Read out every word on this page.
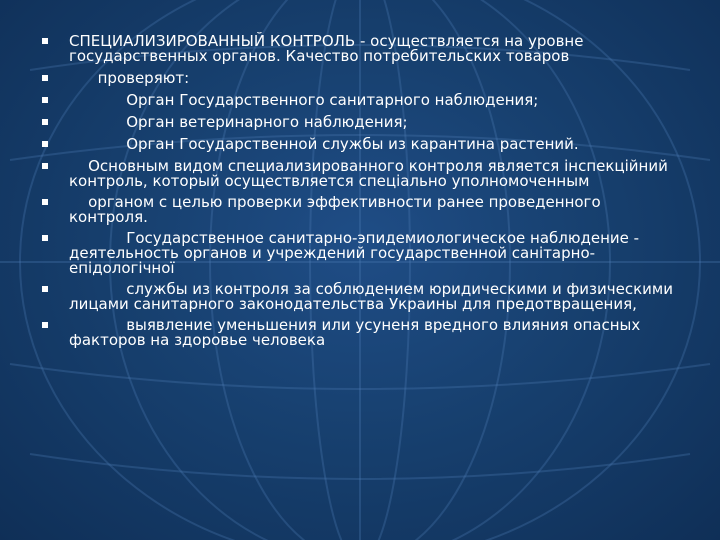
СПЕЦИАЛИЗИРОВАННЫЙ КОНТРОЛЬ - осуществляется на уровне государственных органов. Качество потребительских товаров
проверяют:
Орган Государственного санитарного наблюдения;
Орган ветеринарного наблюдения;
Орган Государственной службы из карантина растений.
Основным видом специализированного контроля является інспекційний контроль, который осуществляется спеціально уполномоченным
органом с целью проверки эффективности ранее проведенного контроля.
Государственное санитарно-эпидемиологическое наблюдение - деятельность органов и учреждений государственной санітарно-епідологічної
службы из контроля за соблюдением юридическими и физическими лицами санитарного законодательства Украины для предотвращения,
выявление уменьшения или усуненя вредного влияния опасных факторов на здоровье человека
